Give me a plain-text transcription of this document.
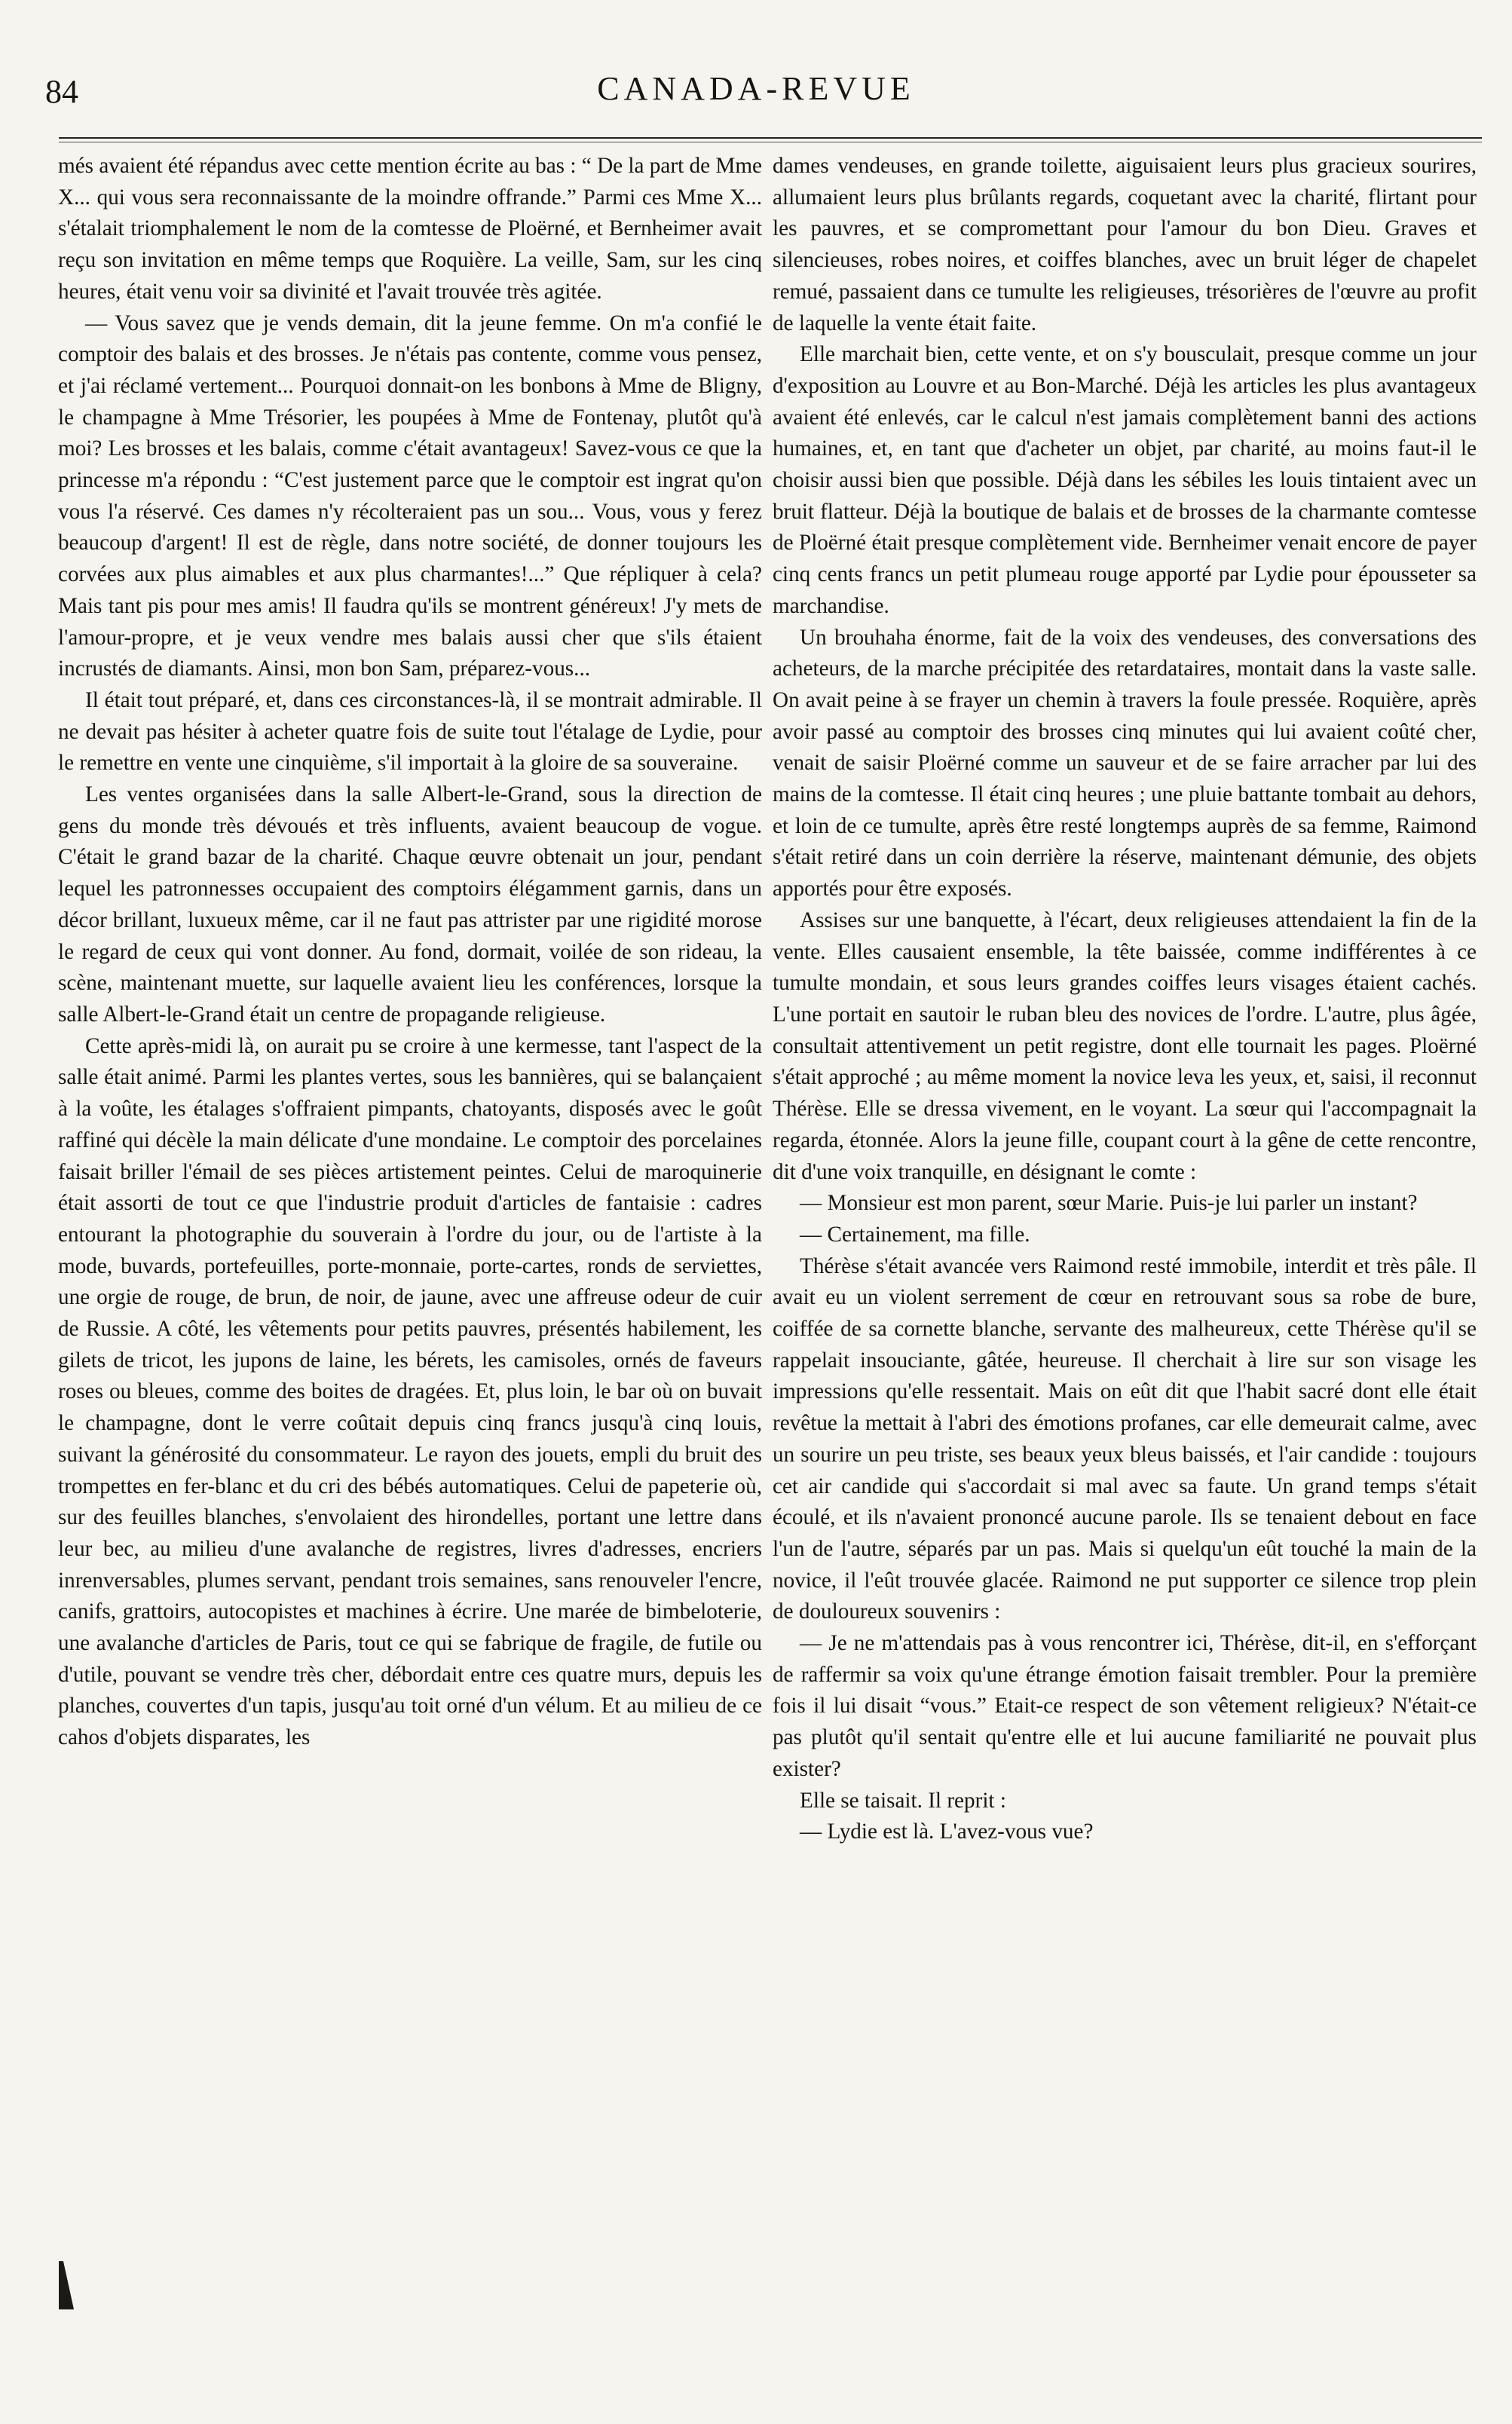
84	CANADA-REVUE

més avaient été répandus avec cette mention écrite au bas : “ De la part de Mme X... qui vous sera reconnaissante de la moindre offrande.” Parmi ces Mme X... s'étalait triomphalement le nom de la comtesse de Ploërné, et Bernheimer avait reçu son invitation en même temps que Roquière. La veille, Sam, sur les cinq heures, était venu voir sa divinité et l'avait trouvée très agitée.

— Vous savez que je vends demain, dit la jeune femme. On m'a confié le comptoir des balais et des brosses. Je n'étais pas contente, comme vous pensez, et j'ai réclamé vertement... Pourquoi donnait-on les bonbons à Mme de Bligny, le champagne à Mme Trésorier, les poupées à Mme de Fontenay, plutôt qu'à moi? Les brosses et les balais, comme c'était avantageux! Savez-vous ce que la princesse m'a répondu : “C'est justement parce que le comptoir est ingrat qu'on vous l'a réservé. Ces dames n'y récolteraient pas un sou... Vous, vous y ferez beaucoup d'argent! Il est de règle, dans notre société, de donner toujours les corvées aux plus aimables et aux plus charmantes!...” Que répliquer à cela? Mais tant pis pour mes amis! Il faudra qu'ils se montrent généreux! J'y mets de l'amour-propre, et je veux vendre mes balais aussi cher que s'ils étaient incrustés de diamants. Ainsi, mon bon Sam, préparez-vous...

Il était tout préparé, et, dans ces circonstances-là, il se montrait admirable. Il ne devait pas hésiter à acheter quatre fois de suite tout l'étalage de Lydie, pour le remettre en vente une cinquième, s'il importait à la gloire de sa souveraine.

Les ventes organisées dans la salle Albert-le-Grand, sous la direction de gens du monde très dévoués et très influents, avaient beaucoup de vogue. C'était le grand bazar de la charité. Chaque œuvre obtenait un jour, pendant lequel les patronnesses occupaient des comptoirs élégamment garnis, dans un décor brillant, luxueux même, car il ne faut pas attrister par une rigidité morose le regard de ceux qui vont donner. Au fond, dormait, voilée de son rideau, la scène, maintenant muette, sur laquelle avaient lieu les conférences, lorsque la salle Albert-le-Grand était un centre de propagande religieuse.

Cette après-midi là, on aurait pu se croire à une kermesse, tant l'aspect de la salle était animé. Parmi les plantes vertes, sous les bannières, qui se balançaient à la voûte, les étalages s'offraient pimpants, chatoyants, disposés avec le goût raffiné qui décèle la main délicate d'une mondaine. Le comptoir des porcelaines faisait briller l'émail de ses pièces artistement peintes. Celui de maroquinerie était assorti de tout ce que l'industrie produit d'articles de fantaisie : cadres entourant la photographie du souverain à l'ordre du jour, ou de l'artiste à la mode, buvards, portefeuilles, porte-monnaie, porte-cartes, ronds de serviettes, une orgie de rouge, de brun, de noir, de jaune, avec une affreuse odeur de cuir de Russie. A côté, les vêtements pour petits pauvres, présentés habilement, les gilets de tricot, les jupons de laine, les bérets, les camisoles, ornés de faveurs roses ou bleues, comme des boites de dragées. Et, plus loin, le bar où on buvait le champagne, dont le verre coûtait depuis cinq francs jusqu'à cinq louis, suivant la générosité du consommateur. Le rayon des jouets, empli du bruit des trompettes en fer-blanc et du cri des bébés automatiques. Celui de papeterie où, sur des feuilles blanches, s'envolaient des hirondelles, portant une lettre dans leur bec, au milieu d'une avalanche de registres, livres d'adresses, encriers inrenversables, plumes servant, pendant trois semaines, sans renouveler l'encre, canifs, grattoirs, autocopistes et machines à écrire. Une marée de bimbeloterie, une avalanche d'articles de Paris, tout ce qui se fabrique de fragile, de futile ou d'utile, pouvant se vendre très cher, débordait entre ces quatre murs, depuis les planches, couvertes d'un tapis, jusqu'au toit orné d'un vélum. Et au milieu de ce cahos d'objets disparates, les

dames vendeuses, en grande toilette, aiguisaient leurs plus gracieux sourires, allumaient leurs plus brûlants regards, coquetant avec la charité, flirtant pour les pauvres, et se compromettant pour l'amour du bon Dieu. Graves et silencieuses, robes noires, et coiffes blanches, avec un bruit léger de chapelet remué, passaient dans ce tumulte les religieuses, trésorières de l'œuvre au profit de laquelle la vente était faite.

Elle marchait bien, cette vente, et on s'y bousculait, presque comme un jour d'exposition au Louvre et au Bon-Marché. Déjà les articles les plus avantageux avaient été enlevés, car le calcul n'est jamais complètement banni des actions humaines, et, en tant que d'acheter un objet, par charité, au moins faut-il le choisir aussi bien que possible. Déjà dans les sébiles les louis tintaient avec un bruit flatteur. Déjà la boutique de balais et de brosses de la charmante comtesse de Ploërné était presque complètement vide. Bernheimer venait encore de payer cinq cents francs un petit plumeau rouge apporté par Lydie pour épousseter sa marchandise.

Un brouhaha énorme, fait de la voix des vendeuses, des conversations des acheteurs, de la marche précipitée des retardataires, montait dans la vaste salle. On avait peine à se frayer un chemin à travers la foule pressée. Roquière, après avoir passé au comptoir des brosses cinq minutes qui lui avaient coûté cher, venait de saisir Ploërné comme un sauveur et de se faire arracher par lui des mains de la comtesse. Il était cinq heures ; une pluie battante tombait au dehors, et loin de ce tumulte, après être resté longtemps auprès de sa femme, Raimond s'était retiré dans un coin derrière la réserve, maintenant démunie, des objets apportés pour être exposés.

Assises sur une banquette, à l'écart, deux religieuses attendaient la fin de la vente. Elles causaient ensemble, la tête baissée, comme indifférentes à ce tumulte mondain, et sous leurs grandes coiffes leurs visages étaient cachés. L'une portait en sautoir le ruban bleu des novices de l'ordre. L'autre, plus âgée, consultait attentivement un petit registre, dont elle tournait les pages. Ploërné s'était approché ; au même moment la novice leva les yeux, et, saisi, il reconnut Thérèse. Elle se dressa vivement, en le voyant. La sœur qui l'accompagnait la regarda, étonnée. Alors la jeune fille, coupant court à la gêne de cette rencontre, dit d'une voix tranquille, en désignant le comte :

— Monsieur est mon parent, sœur Marie. Puis-je lui parler un instant?

— Certainement, ma fille.

Thérèse s'était avancée vers Raimond resté immobile, interdit et très pâle. Il avait eu un violent serrement de cœur en retrouvant sous sa robe de bure, coiffée de sa cornette blanche, servante des malheureux, cette Thérèse qu'il se rappelait insouciante, gâtée, heureuse. Il cherchait à lire sur son visage les impressions qu'elle ressentait. Mais on eût dit que l'habit sacré dont elle était revêtue la mettait à l'abri des émotions profanes, car elle demeurait calme, avec un sourire un peu triste, ses beaux yeux bleus baissés, et l'air candide : toujours cet air candide qui s'accordait si mal avec sa faute. Un grand temps s'était écoulé, et ils n'avaient prononcé aucune parole. Ils se tenaient debout en face l'un de l'autre, séparés par un pas. Mais si quelqu'un eût touché la main de la novice, il l'eût trouvée glacée. Raimond ne put supporter ce silence trop plein de douloureux souvenirs :

— Je ne m'attendais pas à vous rencontrer ici, Thérèse, dit-il, en s'efforçant de raffermir sa voix qu'une étrange émotion faisait trembler. Pour la première fois il lui disait “vous.” Etait-ce respect de son vêtement religieux? N'était-ce pas plutôt qu'il sentait qu'entre elle et lui aucune familiarité ne pouvait plus exister?

Elle se taisait. Il reprit :

— Lydie est là. L'avez-vous vue?
